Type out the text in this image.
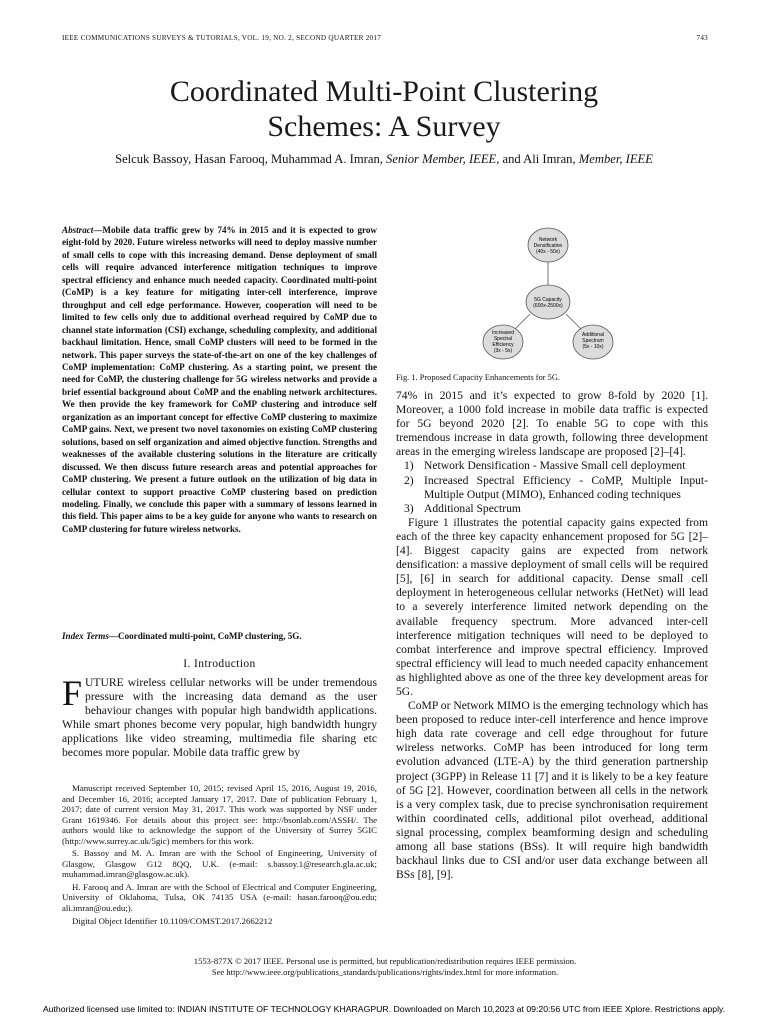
IEEE COMMUNICATIONS SURVEYS & TUTORIALS, VOL. 19, NO. 2, SECOND QUARTER 2017	743
Coordinated Multi-Point Clustering
Schemes: A Survey
Selcuk Bassoy, Hasan Farooq, Muhammad A. Imran, Senior Member, IEEE, and Ali Imran, Member, IEEE
Abstract—Mobile data traffic grew by 74% in 2015 and it is expected to grow eight-fold by 2020. Future wireless networks will need to deploy massive number of small cells to cope with this increasing demand. Dense deployment of small cells will require advanced interference mitigation techniques to improve spectral efficiency and enhance much needed capacity. Coordinated multi-point (CoMP) is a key feature for mitigating inter-cell interference, improve throughput and cell edge performance. However, cooperation will need to be limited to few cells only due to additional overhead required by CoMP due to channel state information (CSI) exchange, scheduling complexity, and additional backhaul limitation. Hence, small CoMP clusters will need to be formed in the network. This paper surveys the state-of-the-art on one of the key challenges of CoMP implementation: CoMP clustering. As a starting point, we present the need for CoMP, the clustering challenge for 5G wireless networks and provide a brief essential background about CoMP and the enabling network architectures. We then provide the key framework for CoMP clustering and introduce self organization as an important concept for effective CoMP clustering to maximize CoMP gains. Next, we present two novel taxonomies on existing CoMP clustering solutions, based on self organization and aimed objective function. Strengths and weaknesses of the available clustering solutions in the literature are critically discussed. We then discuss future research areas and potential approaches for CoMP clustering. We present a future outlook on the utilization of big data in cellular context to support proactive CoMP clustering based on prediction modeling. Finally, we conclude this paper with a summary of lessons learned in this field. This paper aims to be a key guide for anyone who wants to research on CoMP clustering for future wireless networks.
Index Terms—Coordinated multi-point, CoMP clustering, 5G.
I. Introduction
FUTURE wireless cellular networks will be under tremendous pressure with the increasing data demand as the user behaviour changes with popular high bandwidth applications. While smart phones become very popular, high bandwidth hungry applications like video streaming, multimedia file sharing etc becomes more popular. Mobile data traffic grew by

Manuscript received September 10, 2015; revised April 15, 2016, August 19, 2016, and December 16, 2016; accepted January 17, 2017. Date of publication February 1, 2017; date of current version May 31, 2017. This work was supported by NSF under Grant 1619346. For details about this project see: http://bsonlab.com/ASSH/. The authors would like to acknowledge the support of the University of Surrey 5GIC (http://www.surrey.ac.uk/5gic) members for this work.

S. Bassoy and M. A. Imran are with the School of Engineering, University of Glasgow, Glasgow G12 8QQ, U.K. (e-mail: s.bassoy.1@research.gla.ac.uk; muhammad.imran@glasgow.ac.uk).

H. Farooq and A. Imran are with the School of Electrical and Computer Engineering, University of Oklahoma, Tulsa, OK 74135 USA (e-mail: hasan.farooq@ou.edu; ali.imran@ou.edu;).

Digital Object Identifier 10.1109/COMST.2017.2662212

Network
Densification
(40x - 50x)
5G Capacity
(600x-2500x)
Increased
Spectral
Efficiency
(3x - 5x)
Additional
Spectrum
(5x - 10x)
Fig. 1. Proposed Capacity Enhancements for 5G.

74% in 2015 and it’s expected to grow 8-fold by 2020 [1]. Moreover, a 1000 fold increase in mobile data traffic is expected for 5G beyond 2020 [2]. To enable 5G to cope with this tremendous increase in data growth, following three development areas in the emerging wireless landscape are proposed [2]–[4].

1) Network Densification - Massive Small cell deployment

2) Increased Spectral Efficiency - CoMP, Multiple Input-Multiple Output (MIMO), Enhanced coding techniques

3) Additional Spectrum

Figure 1 illustrates the potential capacity gains expected from each of the three key capacity enhancement proposed for 5G [2]–[4]. Biggest capacity gains are expected from network densification: a massive deployment of small cells will be required [5], [6] in search for additional capacity. Dense small cell deployment in heterogeneous cellular networks (HetNet) will lead to a severely interference limited network depending on the available frequency spectrum. More advanced inter-cell interference mitigation techniques will need to be deployed to combat interference and improve spectral efficiency. Improved spectral efficiency will lead to much needed capacity enhancement as highlighted above as one of the three key development areas for 5G.

CoMP or Network MIMO is the emerging technology which has been proposed to reduce inter-cell interference and hence improve high data rate coverage and cell edge throughout for future wireless networks. CoMP has been introduced for long term evolution advanced (LTE-A) by the third generation partnership project (3GPP) in Release 11 [7] and it is likely to be a key feature of 5G [2]. However, coordination between all cells in the network is a very complex task, due to precise synchronisation requirement within coordinated cells, additional pilot overhead, additional signal processing, complex beamforming design and scheduling among all base stations (BSs). It will require high bandwidth backhaul links due to CSI and/or user data exchange between all BSs [8], [9].

1553-877X © 2017 IEEE. Personal use is permitted, but republication/redistribution requires IEEE permission.
See http://www.ieee.org/publications_standards/publications/rights/index.html for more information.
Authorized licensed use limited to: INDIAN INSTITUTE OF TECHNOLOGY KHARAGPUR. Downloaded on March 10,2023 at 09:20:56 UTC from IEEE Xplore. Restrictions apply.
